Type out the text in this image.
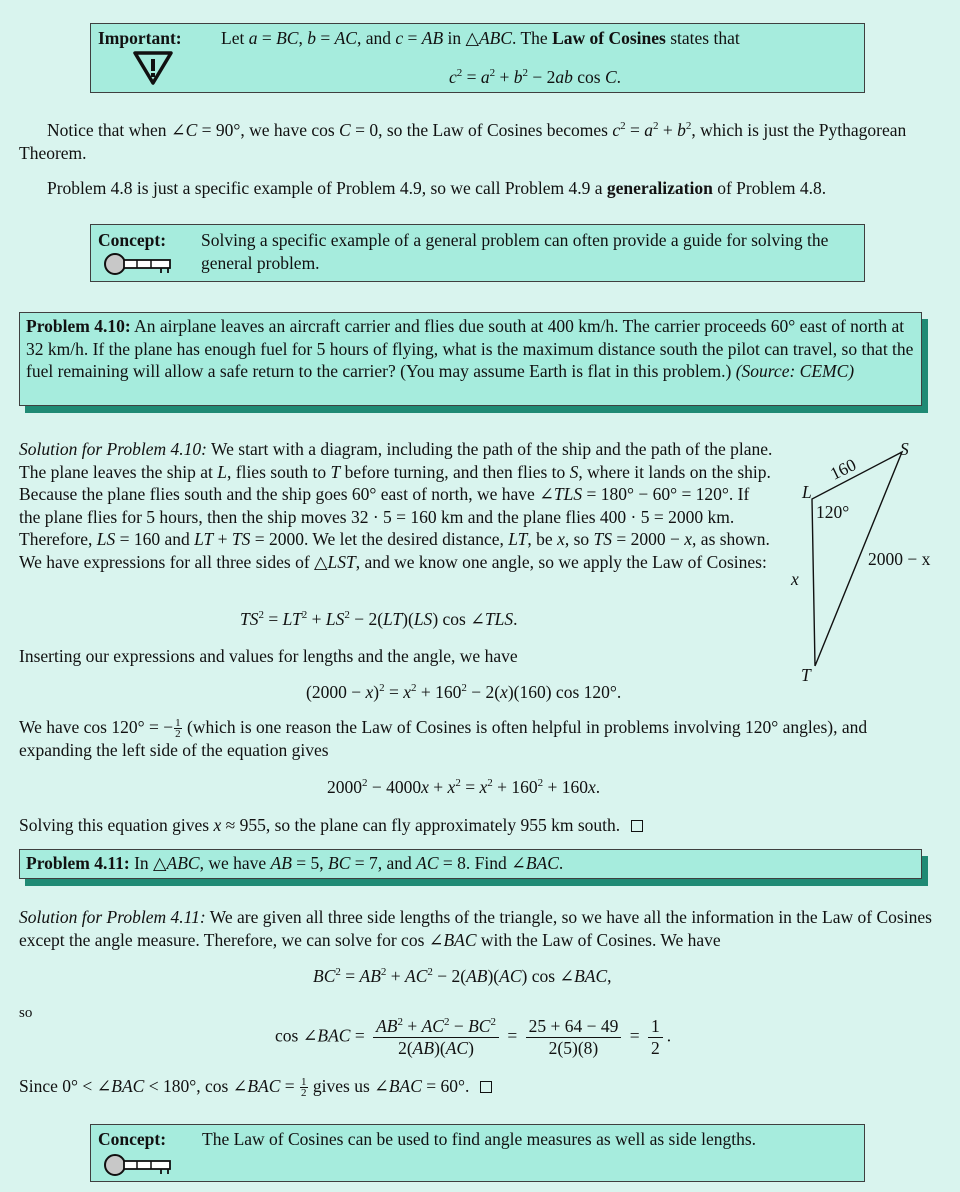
Important: Let a = BC, b = AC, and c = AB in △ABC. The Law of Cosines states that
$c^2 = a^2 + b^2 - 2ab$ cos C.
Notice that when ∠C = 90°, we have cos C = 0, so the Law of Cosines becomes $c^2 = a^2 + b^2$, which is just the Pythagorean Theorem.
Problem 4.8 is just a specific example of Problem 4.9, so we call Problem 4.9 a generalization of Problem 4.8.
Concept: Solving a specific example of a general problem can often provide a guide for solving the general problem.
Problem 4.10: An airplane leaves an aircraft carrier and flies due south at 400 km/h. The carrier proceeds 60° east of north at 32 km/h. If the plane has enough fuel for 5 hours of flying, what is the maximum distance south the pilot can travel, so that the fuel remaining will allow a safe return to the carrier? (You may assume Earth is flat in this problem.) (Source: CEMC)
Solution for Problem 4.10: We start with a diagram, including the path of the ship and the path of the plane. The plane leaves the ship at L, flies south to T before turning, and then flies to S, where it lands on the ship. Because the plane flies south and the ship goes 60° east of north, we have ∠TLS = 180° − 60° = 120°. If the plane flies for 5 hours, then the ship moves 32 · 5 = 160 km and the plane flies 400 · 5 = 2000 km. Therefore, LS = 160 and LT + TS = 2000. We let the desired distance, LT, be x, so TS = 2000 − x, as shown. We have expressions for all three sides of △LST, and we know one angle, so we apply the Law of Cosines:
S
L
T
x
160
120°
2000 − x
$TS^2 = LT^2 + LS^2 - 2(LT)(LS)$ cos ∠TLS.
Inserting our expressions and values for lengths and the angle, we have
$(2000 - x)^2 = x^2 + 160^2 - 2(x)(160)$ cos 120°.
We have cos 120° = − $\frac{1}{2}$ (which is one reason the Law of Cosines is often helpful in problems involving 120° angles), and expanding the left side of the equation gives
$2000^2 - 4000x + x^2 = x^2 + 160^2 + 160x$.
Solving this equation gives x ≈ 955, so the plane can fly approximately 955 km south.
Problem 4.11: In △ABC, we have AB = 5, BC = 7, and AC = 8. Find ∠BAC.
Solution for Problem 4.11: We are given all three side lengths of the triangle, so we have all the information in the Law of Cosines except the angle measure. Therefore, we can solve for cos ∠BAC with the Law of Cosines. We have
$BC^2 = AB^2 + AC^2 - 2(AB)(AC)$ cos ∠BAC,
so
cos ∠BAC = $\frac{AB^2 + AC^2 - BC^2}{2(AB)(AC)} = \frac{25 + 64 - 49}{2(5)(8)} = \frac{1}{2}$ .
Since 0° < ∠BAC < 180°, cos ∠BAC = $\frac{1}{2}$ gives us ∠BAC = 60°.
Concept: The Law of Cosines can be used to find angle measures as well as side lengths.
